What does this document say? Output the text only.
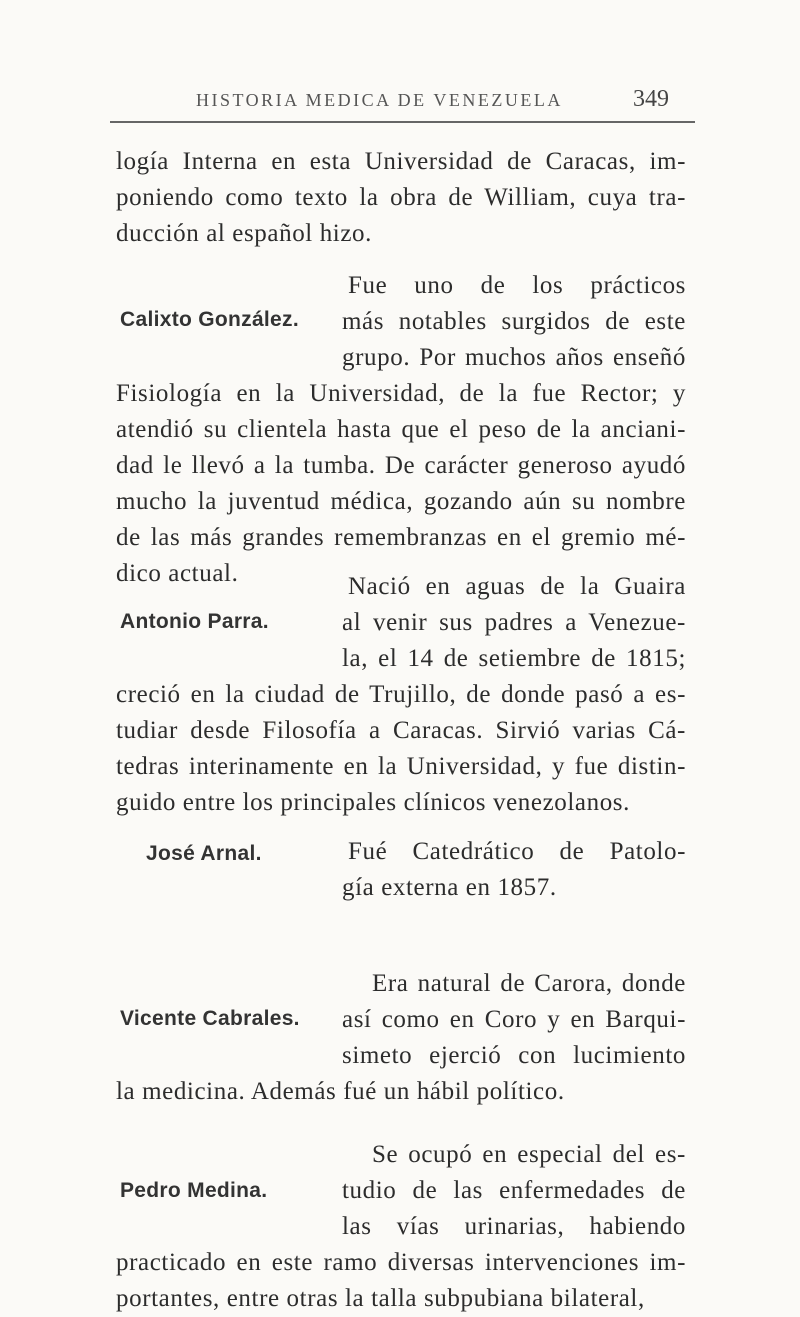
HISTORIA MEDICA DE VENEZUELA	349
logía Interna en esta Universidad de Caracas, im-
poniendo como texto la obra de William, cuya tra-
ducción al español hizo.
Calixto González.
Fue uno de los prácticos
más notables surgidos de este
grupo. Por muchos años enseñó
Fisiología en la Universidad, de la fue Rector; y
atendió su clientela hasta que el peso de la anciani-
dad le llevó a la tumba. De carácter generoso ayudó
mucho la juventud médica, gozando aún su nombre
de las más grandes remembranzas en el gremio mé-
dico actual.
Antonio Parra.
Nació en aguas de la Guaira
al venir sus padres a Venezue-
la, el 14 de setiembre de 1815;
creció en la ciudad de Trujillo, de donde pasó a es-
tudiar desde Filosofía a Caracas. Sirvió varias Cá-
tedras interinamente en la Universidad, y fue distin-
guido entre los principales clínicos venezolanos.
José Arnal.	Fué Catedrático de Patolo-
gía externa en 1857.
Vicente Cabrales.
Era natural de Carora, donde
así como en Coro y en Barqui-
simeto ejerció con lucimiento
la medicina. Además fué un hábil político.
Pedro Medina.
Se ocupó en especial del es-
tudio de las enfermedades de
las vías urinarias, habiendo
practicado en este ramo diversas intervenciones im-
portantes, entre otras la talla subpubiana bilateral,
